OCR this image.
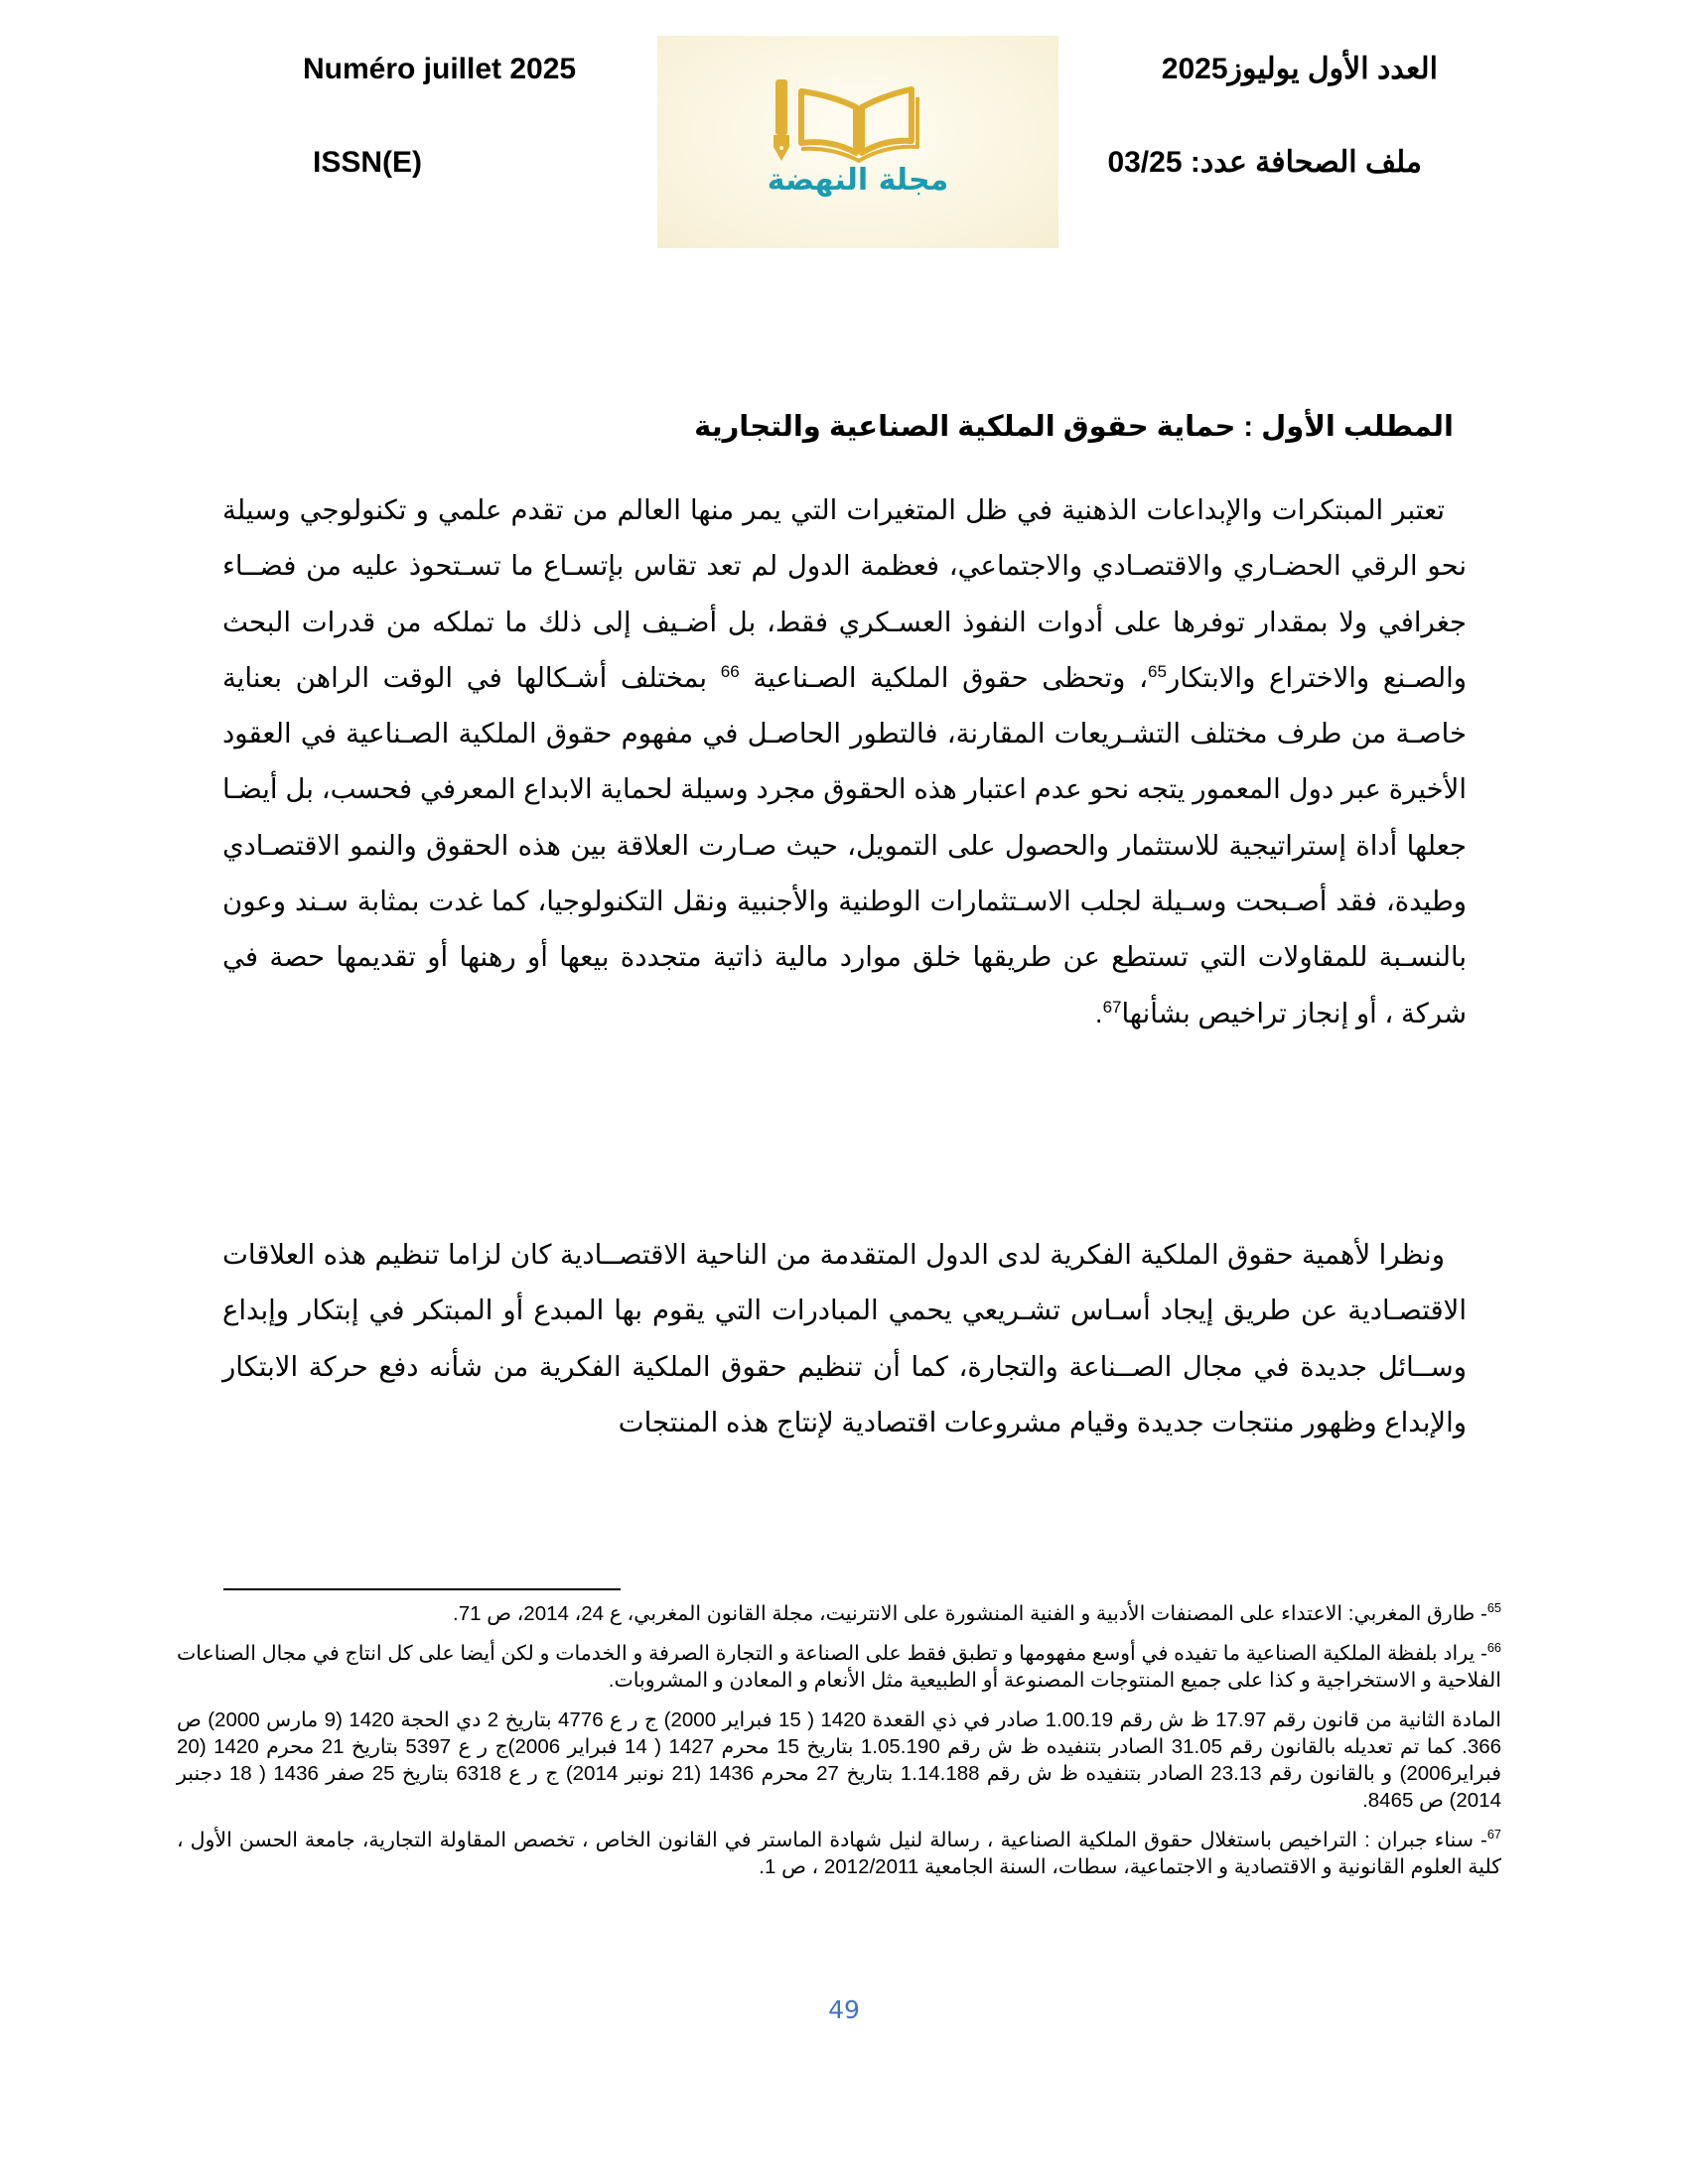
العدد الأول يوليوز2025
Numéro juillet 2025
ملف الصحافة عدد: 03/25
ISSN(E)
مجلة النهضة
المطلب الأول : حماية حقوق الملكية الصناعية والتجارية

تعتبر المبتكرات والإبداعات الذهنية في ظل المتغيرات التي يمر منها العالم من تقدم علمي و تكنولوجي وسيلة نحو الرقي الحضـاري والاقتصـادي والاجتماعي، فعظمة الدول لم تعد تقاس بإتسـاع ما تسـتحوذ عليه من فضــاء جغرافي ولا بمقدار توفرها على أدوات النفوذ العسـكري فقط، بل أضـيف إلى ذلك ما تملكه من قدرات البحث والصـنع والاختراع والابتكار$^{65}$، وتحظى حقوق الملكية الصـناعية $^{66}$ بمختلف أشـكالها في الوقت الراهن بعناية خاصـة من طرف مختلف التشـريعات المقارنة، فالتطور الحاصـل في مفهوم حقوق الملكية الصـناعية في العقود الأخيرة عبر دول المعمور يتجه نحو عدم اعتبار هذه الحقوق مجرد وسيلة لحماية الابداع المعرفي فحسب، بل أيضـا جعلها أداة إستراتيجية للاستثمار والحصول على التمويل، حيث صـارت العلاقة بين هذه الحقوق والنمو الاقتصـادي وطيدة، فقد أصـبحت وسـيلة لجلب الاسـتثمارات الوطنية والأجنبية ونقل التكنولوجيا، كما غدت بمثابة سـند وعون بالنسـبة للمقاولات التي تستطع عن طريقها خلق موارد مالية ذاتية متجددة بيعها أو رهنها أو تقديمها حصة في شركة ، أو إنجاز تراخيص بشأنها$^{67}$.

ونظرا لأهمية حقوق الملكية الفكرية لدى الدول المتقدمة من الناحية الاقتصــادية كان لزاما تنظيم هذه العلاقات الاقتصـادية عن طريق إيجاد أسـاس تشـريعي يحمي المبادرات التي يقوم بها المبدع أو المبتكر في إبتكار وإبداع وســائل جديدة في مجال الصــناعة والتجارة، كما أن تنظيم حقوق الملكية الفكرية من شأنه دفع حركة الابتكار والإبداع وظهور منتجات جديدة وقيام مشروعات اقتصادية لإنتاج هذه المنتجات

$^{65}$- طارق المغربي: الاعتداء على المصنفات الأدبية و الفنية المنشورة على الانترنيت، مجلة القانون المغربي، ع 24، 2014، ص 71.

$^{66}$- يراد بلفظة الملكية الصناعية ما تفيده في أوسع مفهومها و تطبق فقط على الصناعة و التجارة الصرفة و الخدمات و لكن أيضا على كل انتاج في مجال الصناعات الفلاحية و الاستخراجية و كذا على جميع المنتوجات المصنوعة أو الطبيعية مثل الأنعام و المعادن و المشروبات.

المادة الثانية من قانون رقم 17.97 ظ ش رقم 1.00.19 صادر في ذي القعدة 1420 ( 15 فبراير 2000) ج ر ع 4776 بتاريخ 2 دي الحجة 1420 (9 مارس 2000) ص 366. كما تم تعديله بالقانون رقم 31.05 الصادر بتنفيده ظ ش رقم 1.05.190 بتاريخ 15 محرم 1427 ( 14 فبراير 2006)ج ر ع 5397 بتاريخ 21 محرم 1420 (20 فبراير2006) و بالقانون رقم 23.13 الصادر بتنفيده ظ ش رقم 1.14.188 بتاريخ 27 محرم 1436 (21 نونبر 2014) ج ر ع 6318 بتاريخ 25 صفر 1436 ( 18 دجنبر 2014) ص 8465.

$^{67}$- سناء جبران : التراخيص باستغلال حقوق الملكية الصناعية ، رسالة لنيل شهادة الماستر في القانون الخاص ، تخصص المقاولة التجارية، جامعة الحسن الأول ، كلية العلوم القانونية و الاقتصادية و الاجتماعية، سطات، السنة الجامعية 2012/2011 ، ص 1.

49
